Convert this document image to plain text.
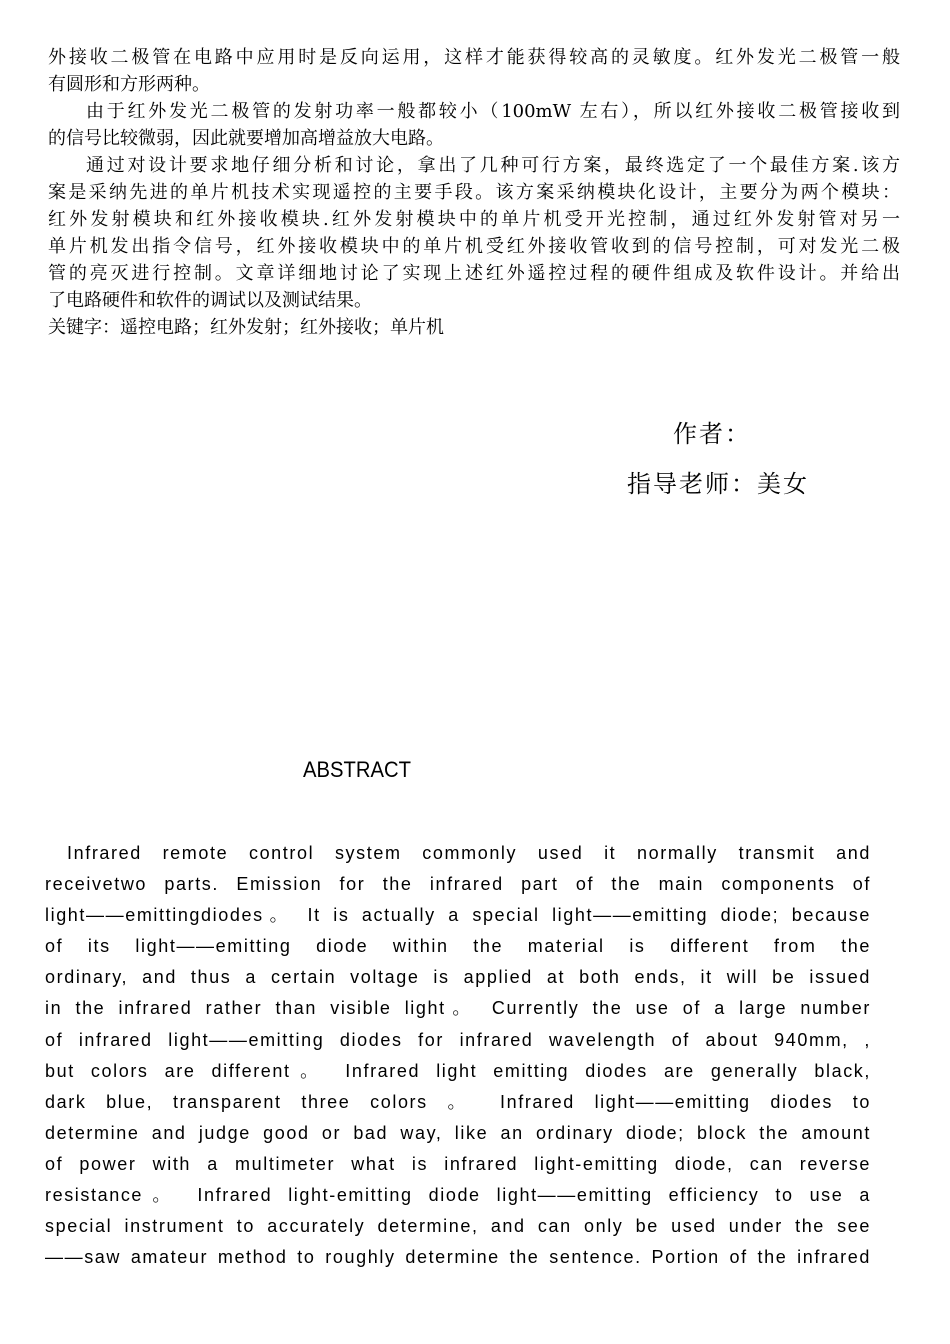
外接收二极管在电路中应用时是反向运用，这样才能获得较高的灵敏度。红外发光二极管一般
有圆形和方形两种。
由于红外发光二极管的发射功率一般都较小（100mW 左右），所以红外接收二极管接收到
的信号比较微弱，因此就要增加高增益放大电路。
通过对设计要求地仔细分析和讨论，拿出了几种可行方案，最终选定了一个最佳方案.该方
案是采纳先进的单片机技术实现遥控的主要手段。该方案采纳模块化设计，主要分为两个模块：
红外发射模块和红外接收模块.红外发射模块中的单片机受开光控制，通过红外发射管对另一
单片机发出指令信号，红外接收模块中的单片机受红外接收管收到的信号控制，可对发光二极
管的亮灭进行控制。文章详细地讨论了实现上述红外遥控过程的硬件组成及软件设计。并给出
了电路硬件和软件的调试以及测试结果。
关键字：遥控电路；红外发射；红外接收；单片机
作者：
指导老师：美女
ABSTRACT
Infrared remote control system commonly used it normally transmit and
receivetwo parts. Emission for the infrared part of the main components of
light——emittingdiodes。 It is actually a special light——emitting diode; because
of its light——emitting diode within the material is different from the
ordinary, and thus a certain voltage is applied at both ends, it will be issued
in the infrared rather than visible light。 Currently the use of a large number
of infrared light——emitting diodes for infrared wavelength of about 940mm, ,
but colors are different。 Infrared light emitting diodes are generally black,
dark blue, transparent three colors 。 Infrared light——emitting diodes to
determine and judge good or bad way, like an ordinary diode; block the amount
of power with a multimeter what is infrared light-emitting diode, can reverse
resistance。 Infrared light-emitting diode light——emitting efficiency to use a
special instrument to accurately determine, and can only be used under the see
——saw amateur method to roughly determine the sentence. Portion of the infrared
